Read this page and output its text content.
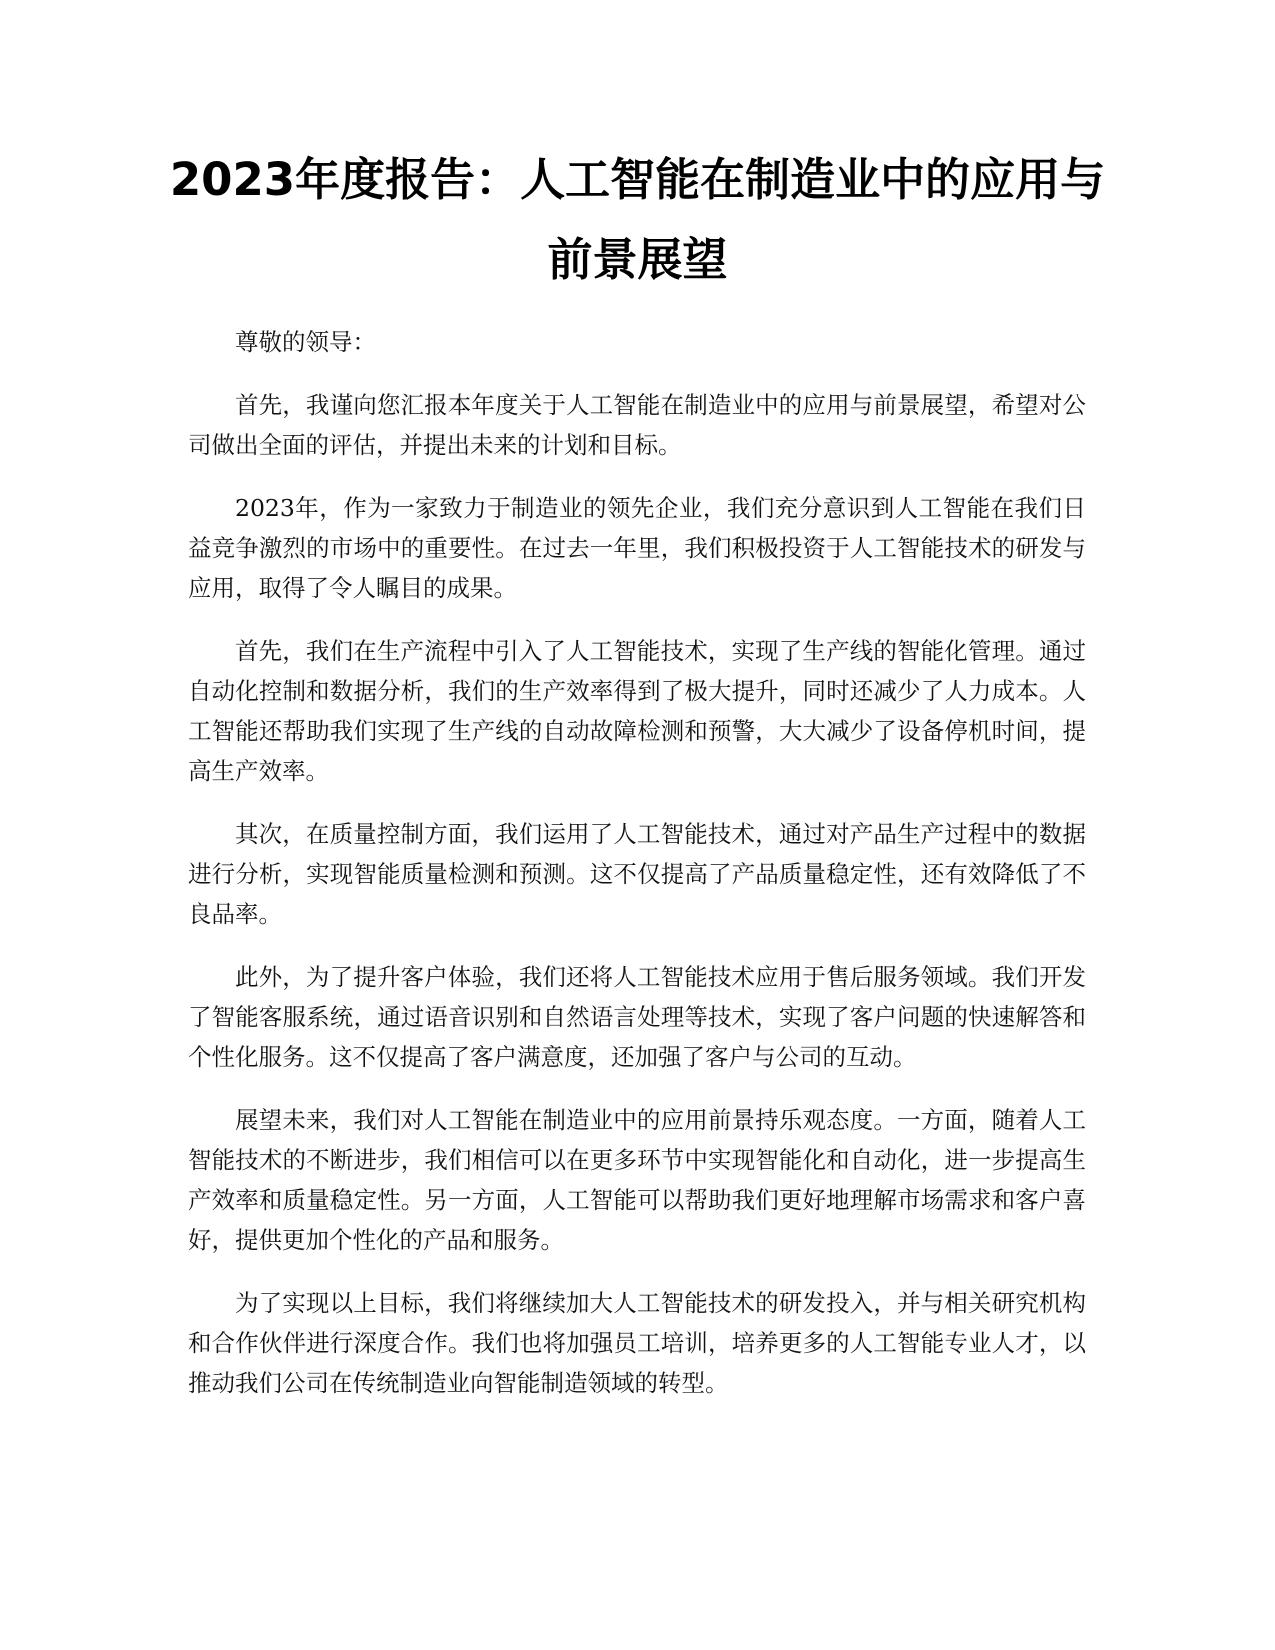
2023年度报告：人工智能在制造业中的应用与前景展望

尊敬的领导：

首先，我谨向您汇报本年度关于人工智能在制造业中的应用与前景展望，希望对公司做出全面的评估，并提出未来的计划和目标。

2023年，作为一家致力于制造业的领先企业，我们充分意识到人工智能在我们日益竞争激烈的市场中的重要性。在过去一年里，我们积极投资于人工智能技术的研发与应用，取得了令人瞩目的成果。

首先，我们在生产流程中引入了人工智能技术，实现了生产线的智能化管理。通过自动化控制和数据分析，我们的生产效率得到了极大提升，同时还减少了人力成本。人工智能还帮助我们实现了生产线的自动故障检测和预警，大大减少了设备停机时间，提高生产效率。

其次，在质量控制方面，我们运用了人工智能技术，通过对产品生产过程中的数据进行分析，实现智能质量检测和预测。这不仅提高了产品质量稳定性，还有效降低了不良品率。

此外，为了提升客户体验，我们还将人工智能技术应用于售后服务领域。我们开发了智能客服系统，通过语音识别和自然语言处理等技术，实现了客户问题的快速解答和个性化服务。这不仅提高了客户满意度，还加强了客户与公司的互动。

展望未来，我们对人工智能在制造业中的应用前景持乐观态度。一方面，随着人工智能技术的不断进步，我们相信可以在更多环节中实现智能化和自动化，进一步提高生产效率和质量稳定性。另一方面，人工智能可以帮助我们更好地理解市场需求和客户喜好，提供更加个性化的产品和服务。

为了实现以上目标，我们将继续加大人工智能技术的研发投入，并与相关研究机构和合作伙伴进行深度合作。我们也将加强员工培训，培养更多的人工智能专业人才，以推动我们公司在传统制造业向智能制造领域的转型。
